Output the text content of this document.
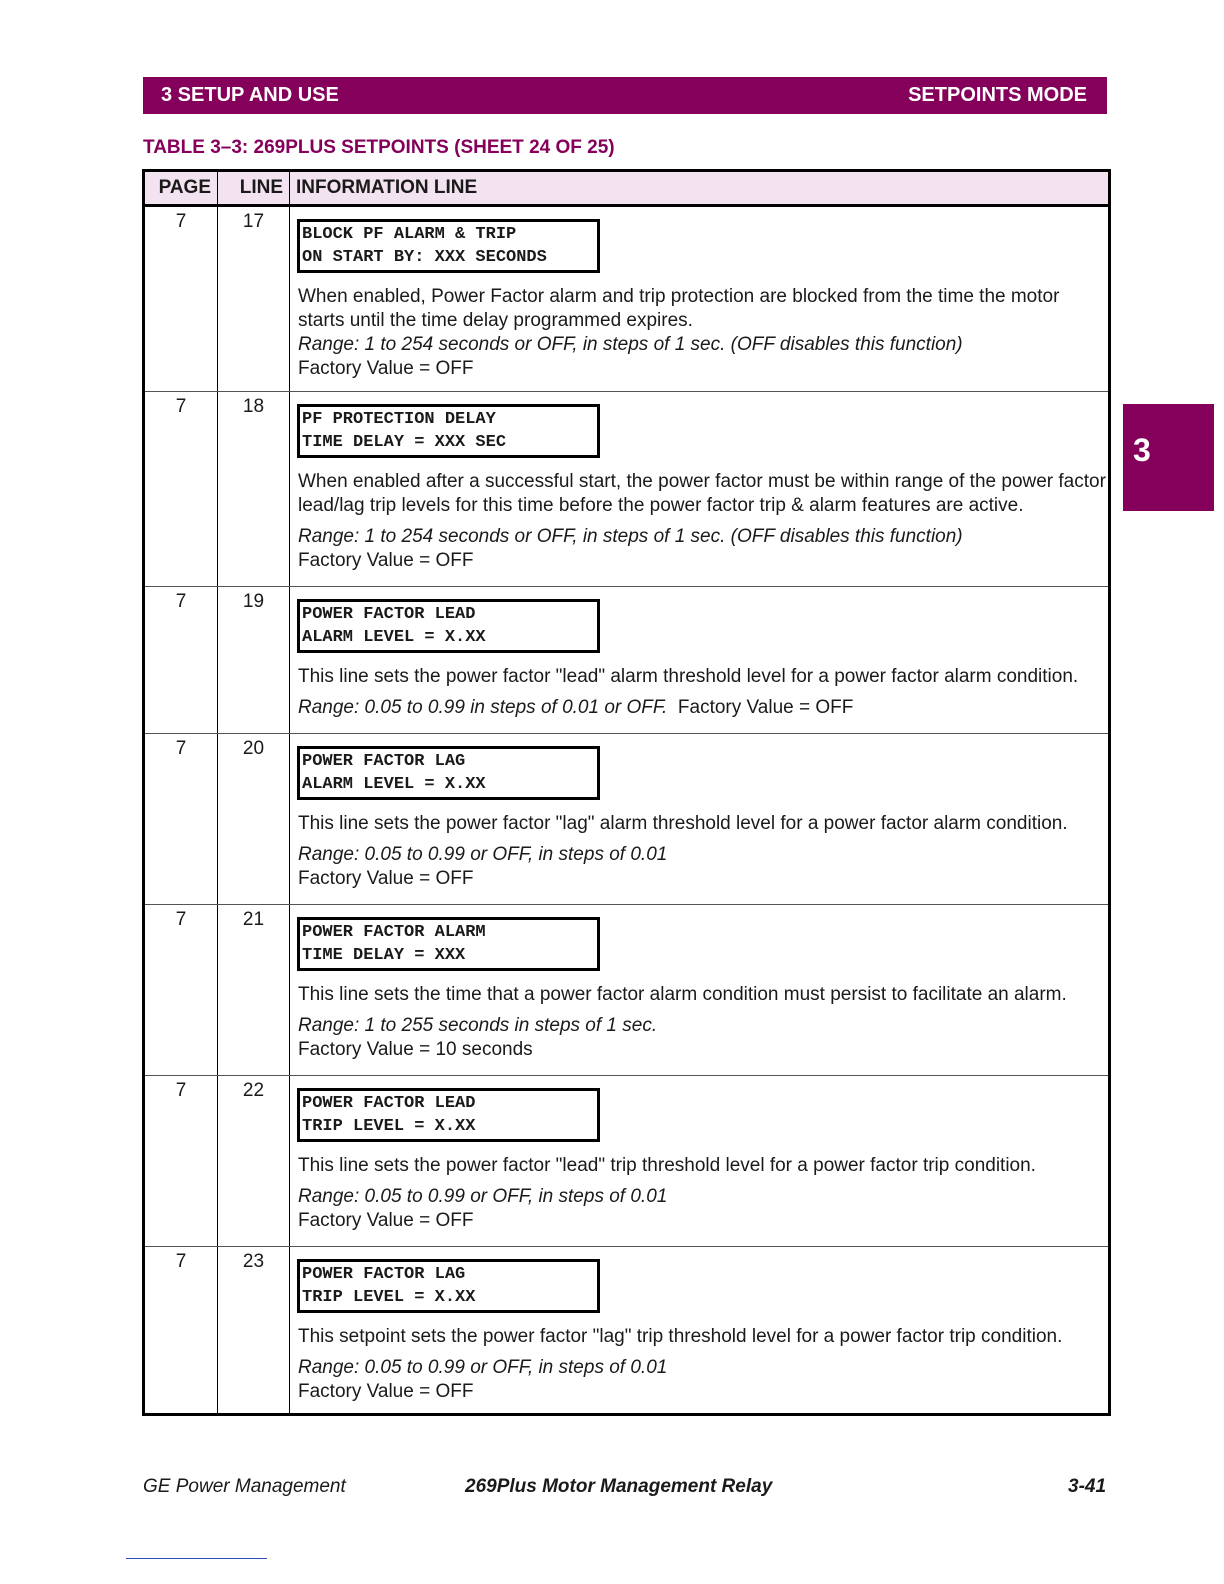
3 SETUP AND USE	SETPOINTS MODE
TABLE 3–3: 269PLUS SETPOINTS (SHEET 24 OF 25)
3
PAGE	LINE	INFORMATION LINE
7	17	BLOCK PF ALARM & TRIP
ON START BY: XXX SECONDS
When enabled, Power Factor alarm and trip protection are blocked from the time the motor starts until the time delay programmed expires.
Range: 1 to 254 seconds or OFF, in steps of 1 sec. (OFF disables this function)
Factory Value = OFF

7	18	PF PROTECTION DELAY
TIME DELAY = XXX SEC
When enabled after a successful start, the power factor must be within range of the power factor lead/lag trip levels for this time before the power factor trip & alarm features are active.
Range: 1 to 254 seconds or OFF, in steps of 1 sec. (OFF disables this function)
Factory Value = OFF

7	19	POWER FACTOR LEAD
ALARM LEVEL = X.XX
This line sets the power factor "lead" alarm threshold level for a power factor alarm condition.
Range: 0.05 to 0.99 in steps of 0.01 or OFF. Factory Value = OFF

7	20	POWER FACTOR LAG
ALARM LEVEL = X.XX
This line sets the power factor "lag" alarm threshold level for a power factor alarm condition.
Range: 0.05 to 0.99 or OFF, in steps of 0.01
Factory Value = OFF

7	21	POWER FACTOR ALARM
TIME DELAY = XXX
This line sets the time that a power factor alarm condition must persist to facilitate an alarm.
Range: 1 to 255 seconds in steps of 1 sec.
Factory Value = 10 seconds

7	22	POWER FACTOR LEAD
TRIP LEVEL = X.XX
This line sets the power factor "lead" trip threshold level for a power factor trip condition.
Range: 0.05 to 0.99 or OFF, in steps of 0.01
Factory Value = OFF

7	23	POWER FACTOR LAG
TRIP LEVEL = X.XX
This setpoint sets the power factor "lag" trip threshold level for a power factor trip condition.
Range: 0.05 to 0.99 or OFF, in steps of 0.01
Factory Value = OFF
GE Power Management	269Plus Motor Management Relay	3-41
